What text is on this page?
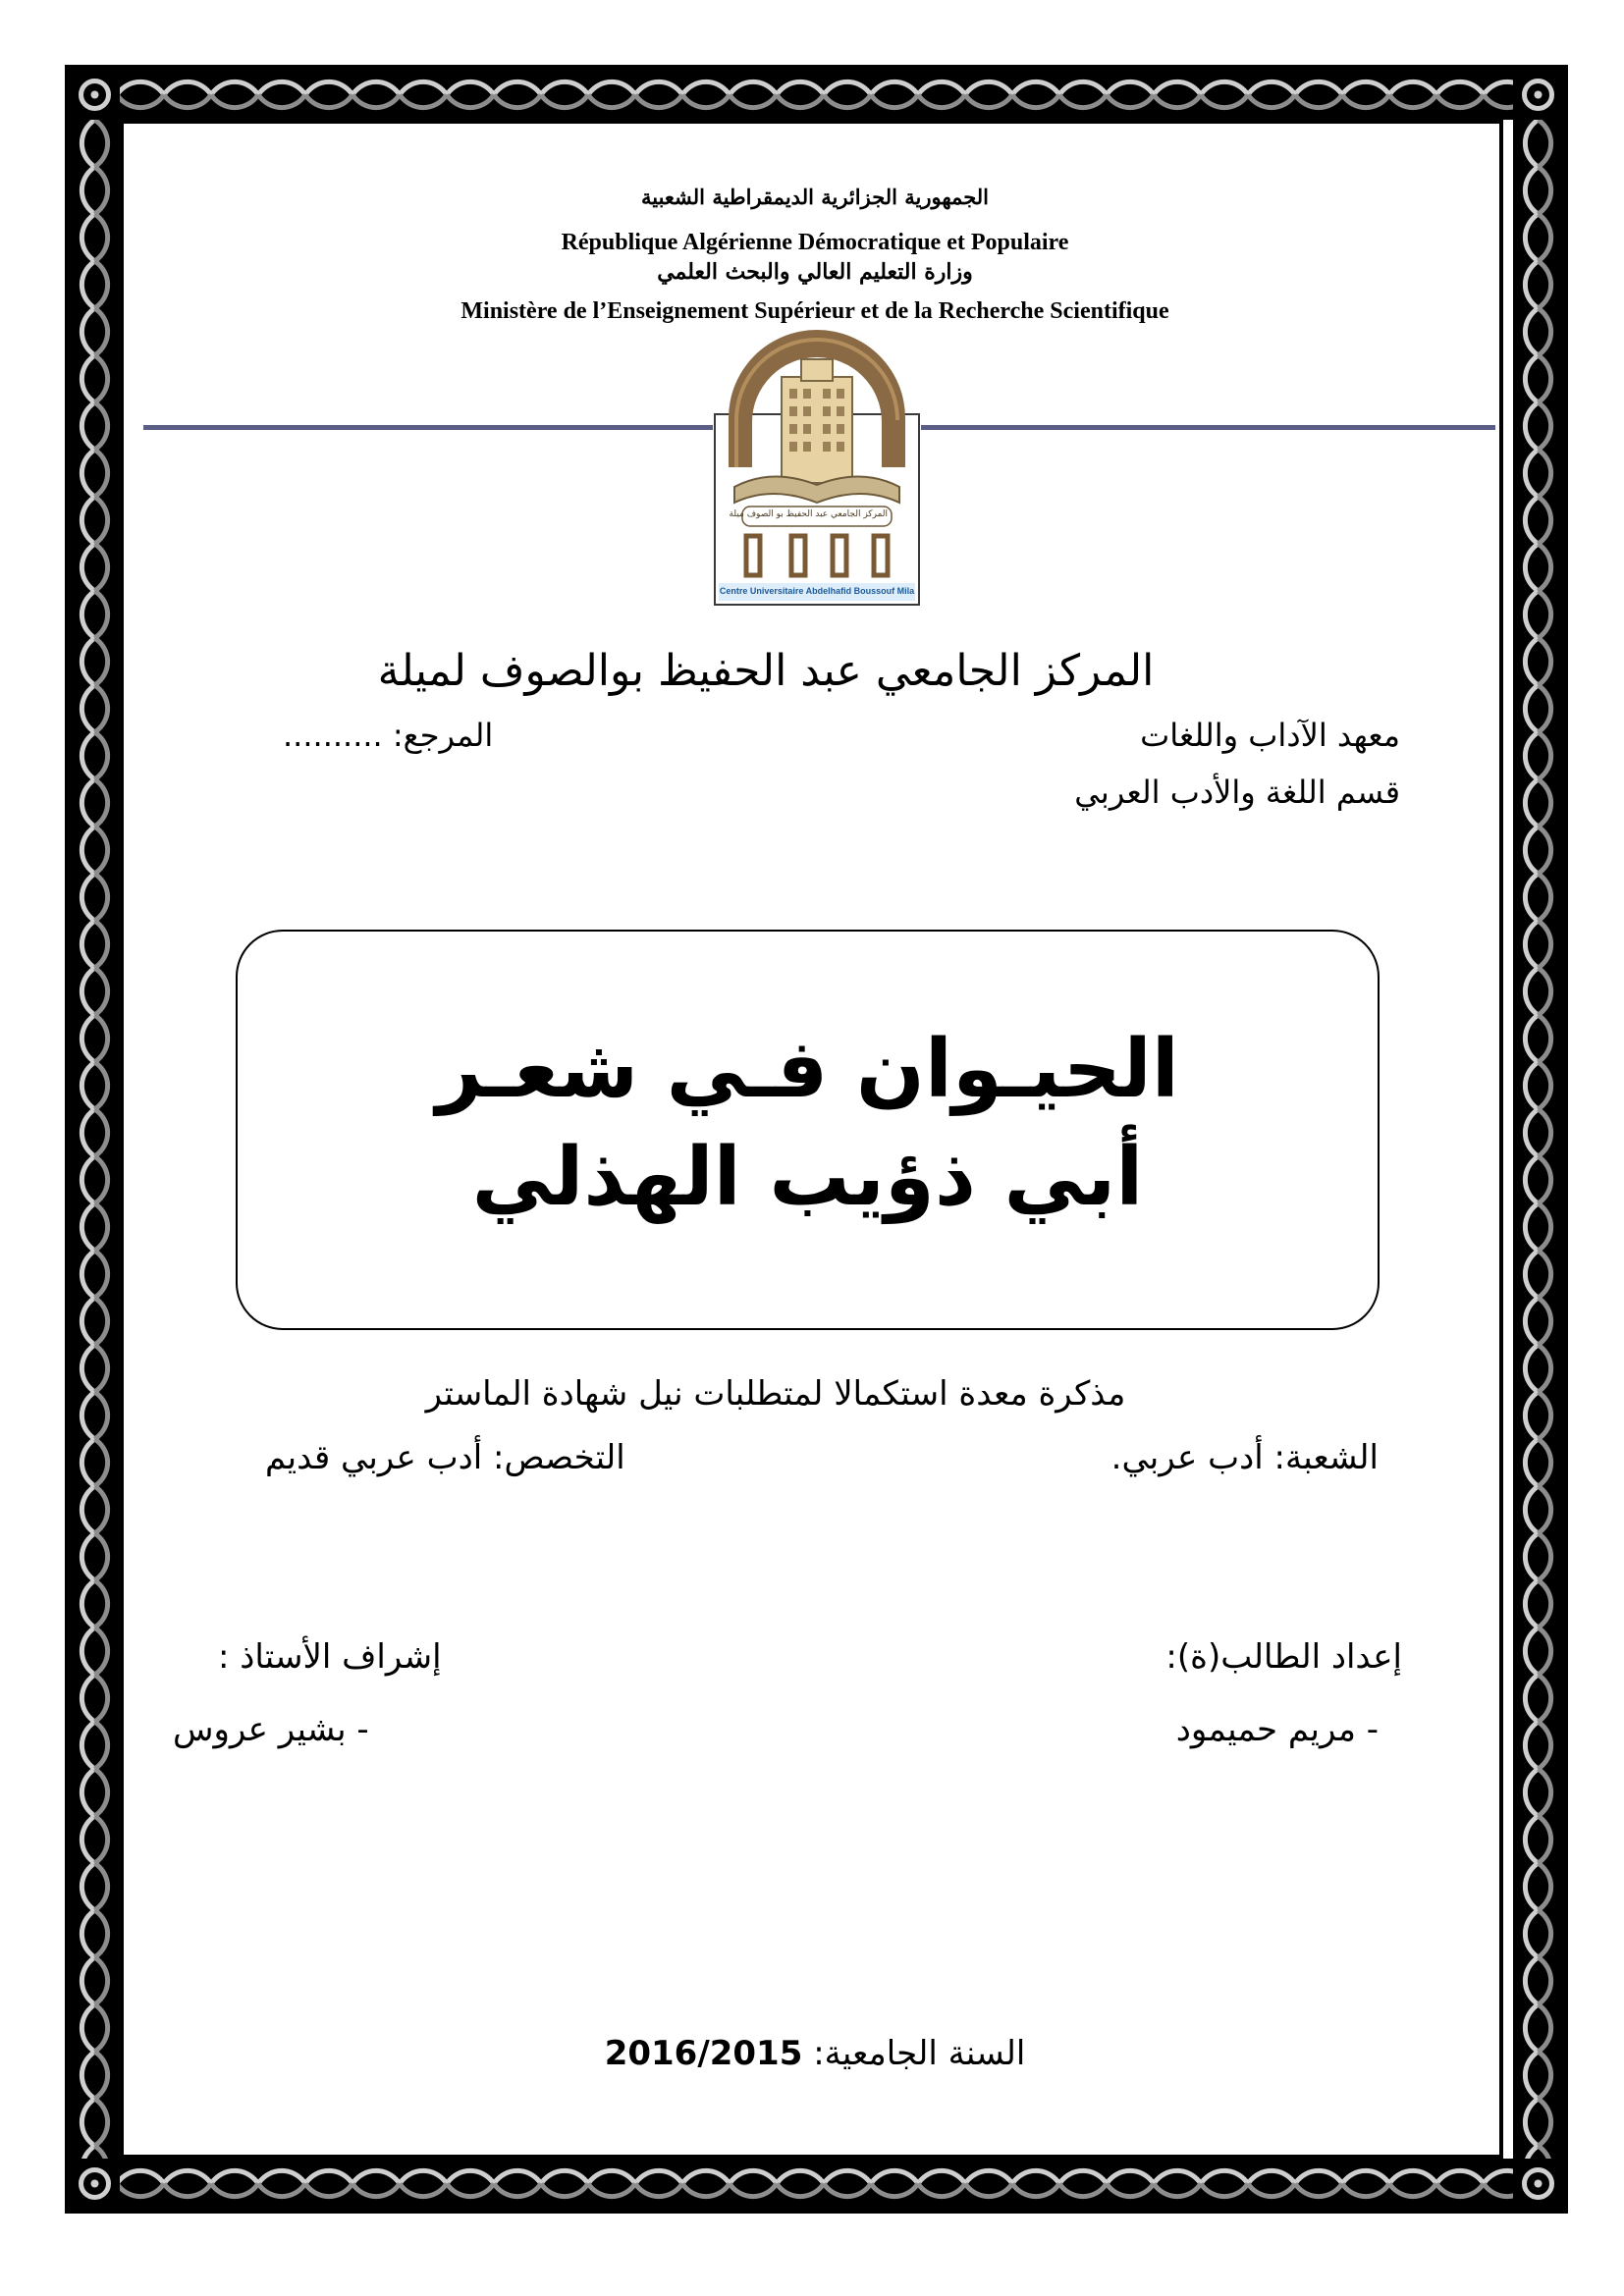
الجمهورية الجزائرية الديمقراطية الشعبية
République Algérienne Démocratique et Populaire
وزارة التعليم العالي والبحث العلمي
Ministère de l’Enseignement Supérieur et de la Recherche Scientifique
المركز الجامعي عبد الحفيظ بو الصوف ميلة
Centre Universitaire Abdelhafid Boussouf Mila
المركز الجامعي عبد الحفيظ بوالصوف لميلة
معهد الآداب واللغات
المرجع: ..........
قسم اللغة والأدب العربي
الحيـوان فـي شعـر
أبي ذؤيب الهذلي
مذكرة معدة استكمالا لمتطلبات نيل شهادة الماستر
الشعبة: أدب عربي.
التخصص: أدب عربي قديم
إعداد الطالب(ة):
إشراف الأستاذ :
- مريم حميمود
- بشير عروس
السنة الجامعية: 2016/2015
